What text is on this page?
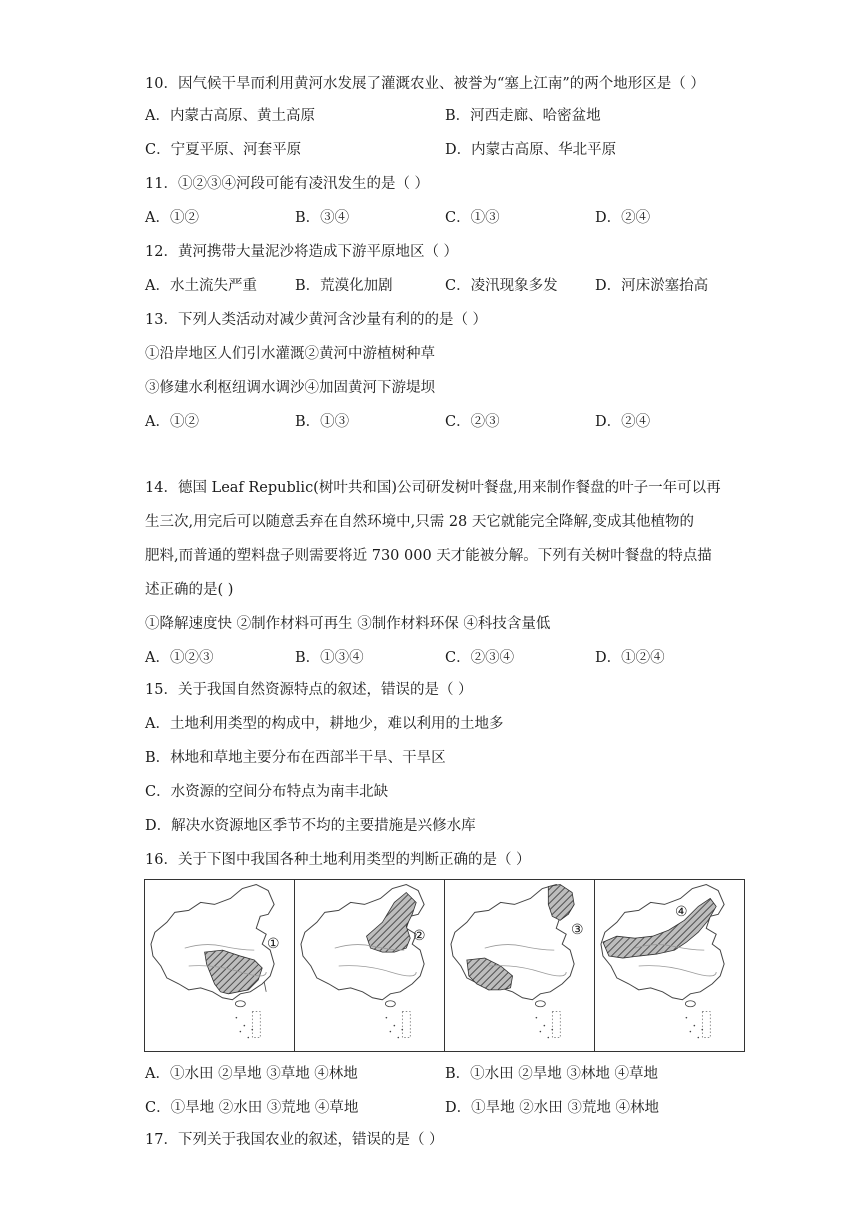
10．因气候干旱而利用黄河水发展了灌溉农业、被誉为“塞上江南”的两个地形区是（ ）
A．内蒙古高原、黄土高原	B．河西走廊、哈密盆地
C．宁夏平原、河套平原	D．内蒙古高原、华北平原
11．①②③④河段可能有凌汛发生的是（ ）
A．①②	B．③④	C．①③	D．②④
12．黄河携带大量泥沙将造成下游平原地区（ ）
A．水土流失严重	B．荒漠化加剧	C．凌汛现象多发	D．河床淤塞抬高
13．下列人类活动对减少黄河含沙量有利的的是（ ）
①沿岸地区人们引水灌溉②黄河中游植树种草
③修建水利枢纽调水调沙④加固黄河下游堤坝
A．①②	B．①③	C．②③	D．②④
14．德国 Leaf Republic(树叶共和国)公司研发树叶餐盘,用来制作餐盘的叶子一年可以再
生三次,用完后可以随意丢弃在自然环境中,只需 28 天它就能完全降解,变成其他植物的
肥料,而普通的塑料盘子则需要将近 730 000 天才能被分解。下列有关树叶餐盘的特点描
述正确的是( )
①降解速度快 ②制作材料可再生 ③制作材料环保 ④科技含量低
A．①②③	B．①③④	C．②③④	D．①②④
15．关于我国自然资源特点的叙述，错误的是（ ）
A．土地利用类型的构成中，耕地少，难以利用的土地多
B．林地和草地主要分布在西部半干旱、干旱区
C．水资源的空间分布特点为南丰北缺
D．解决水资源地区季节不均的主要措施是兴修水库
16．关于下图中我国各种土地利用类型的判断正确的是（ ）
①	②	③
④
A．①水田 ②旱地 ③草地 ④林地	B．①水田 ②旱地 ③林地 ④草地
C．①旱地 ②水田 ③荒地 ④草地	D．①旱地 ②水田 ③荒地 ④林地
17．下列关于我国农业的叙述，错误的是（ ）
